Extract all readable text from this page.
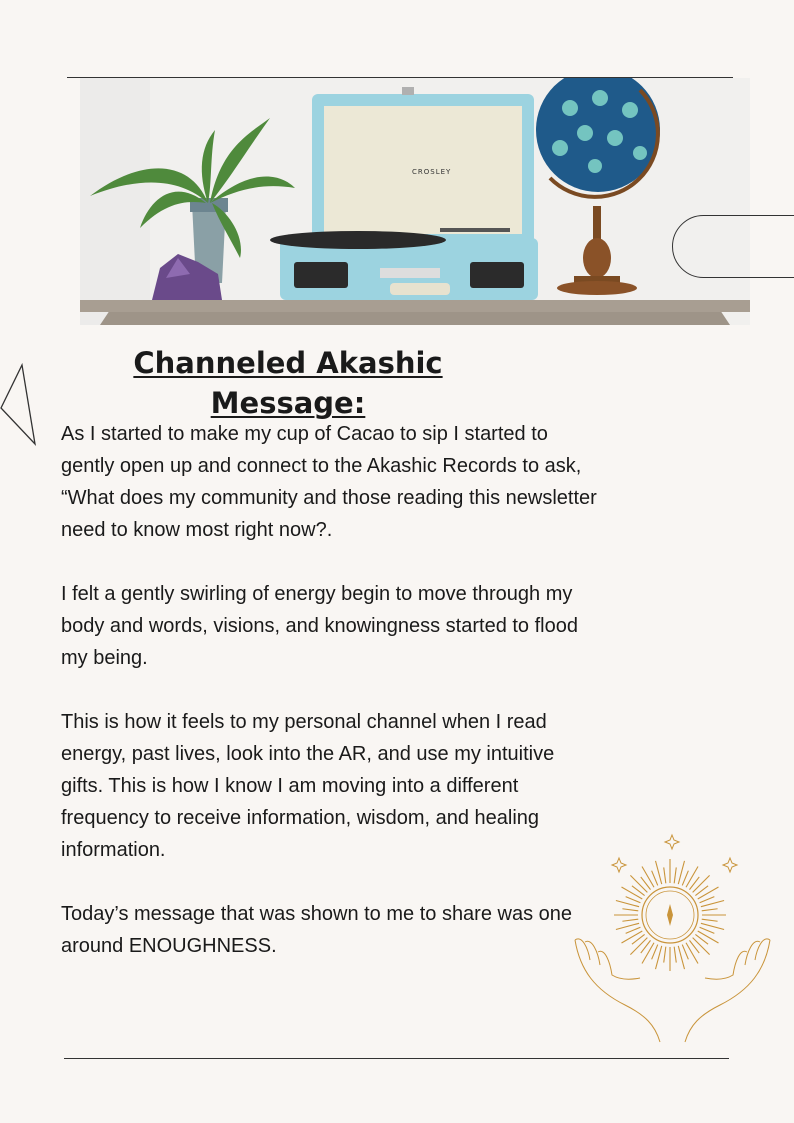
CROSLEY
Channeled Akashic Message:

As I started to make my cup of Cacao to sip I started to gently open up and connect to the Akashic Records to ask, “What does my community and those reading this newsletter need to know most right now?.

I felt a gently swirling of energy begin to move through my body and words, visions, and knowingness started to flood my being.

This is how it feels to my personal channel when I read energy, past lives, look into the AR, and use my intuitive gifts. This is how I know I am moving into a different frequency to receive information, wisdom, and healing information.

Today’s message that was shown to me to share was one around ENOUGHNESS.
